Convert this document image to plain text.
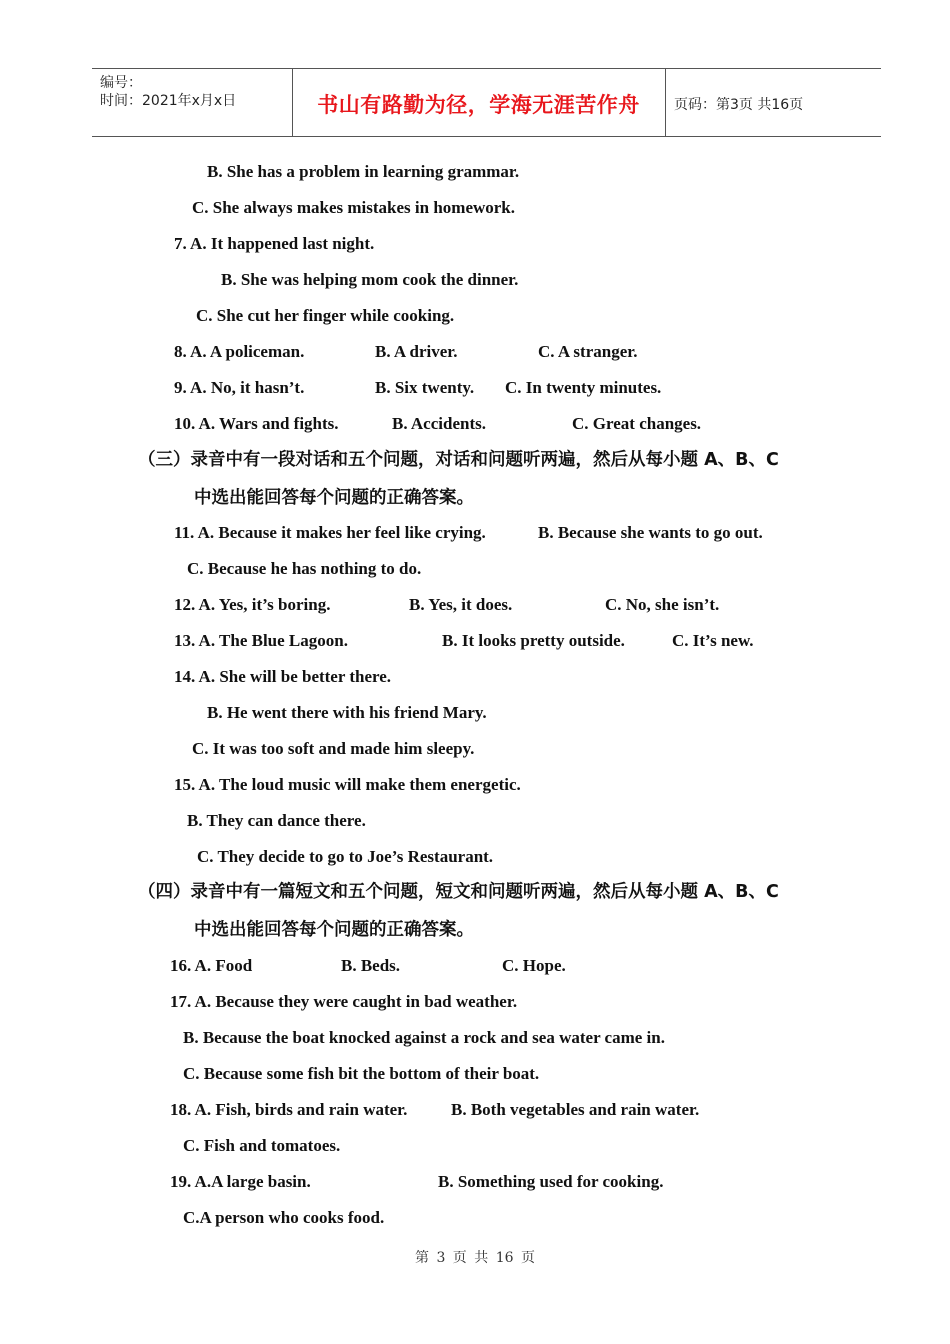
编号：
时间：2021年x月x日	书山有路勤为径，学海无涯苦作舟	页码：第3页 共16页
B. She has a problem in learning grammar.
C. She always makes mistakes in homework.
7. A. It happened last night.
B. She was helping mom cook the dinner.
C. She cut her finger while cooking.
8. A. A policeman.	B. A driver.	C. A stranger.
9. A. No, it hasn’t.	B. Six twenty. C. In twenty minutes.
10. A. Wars and fights.	B. Accidents.	C. Great changes.
11. A. Because it makes her feel like crying.	B. Because she wants to go out.
C. Because he has nothing to do.
12. A. Yes, it’s boring.	B. Yes, it does.	C. No, she isn’t.
13. A. The Blue Lagoon.	B. It looks pretty outside.	C. It’s new.
14. A. She will be better there.
B. He went there with his friend Mary.
C. It was too soft and made him sleepy.
15. A. The loud music will make them energetic.
B. They can dance there.
C. They decide to go to Joe’s Restaurant.
16. A. Food	B. Beds.	C. Hope.
17. A. Because they were caught in bad weather.
B. Because the boat knocked against a rock and sea water came in.
C. Because some fish bit the bottom of their boat.
18. A. Fish, birds and rain water.	B. Both vegetables and rain water.
C. Fish and tomatoes.
19. A.A large basin.	B. Something used for cooking.
C.A person who cooks food.
（三）录音中有一段对话和五个问题，对话和问题听两遍，然后从每小题 A、B、C
中选出能回答每个问题的正确答案。
（四）录音中有一篇短文和五个问题，短文和问题听两遍，然后从每小题 A、B、C
中选出能回答每个问题的正确答案。
第 3 页 共 16 页
